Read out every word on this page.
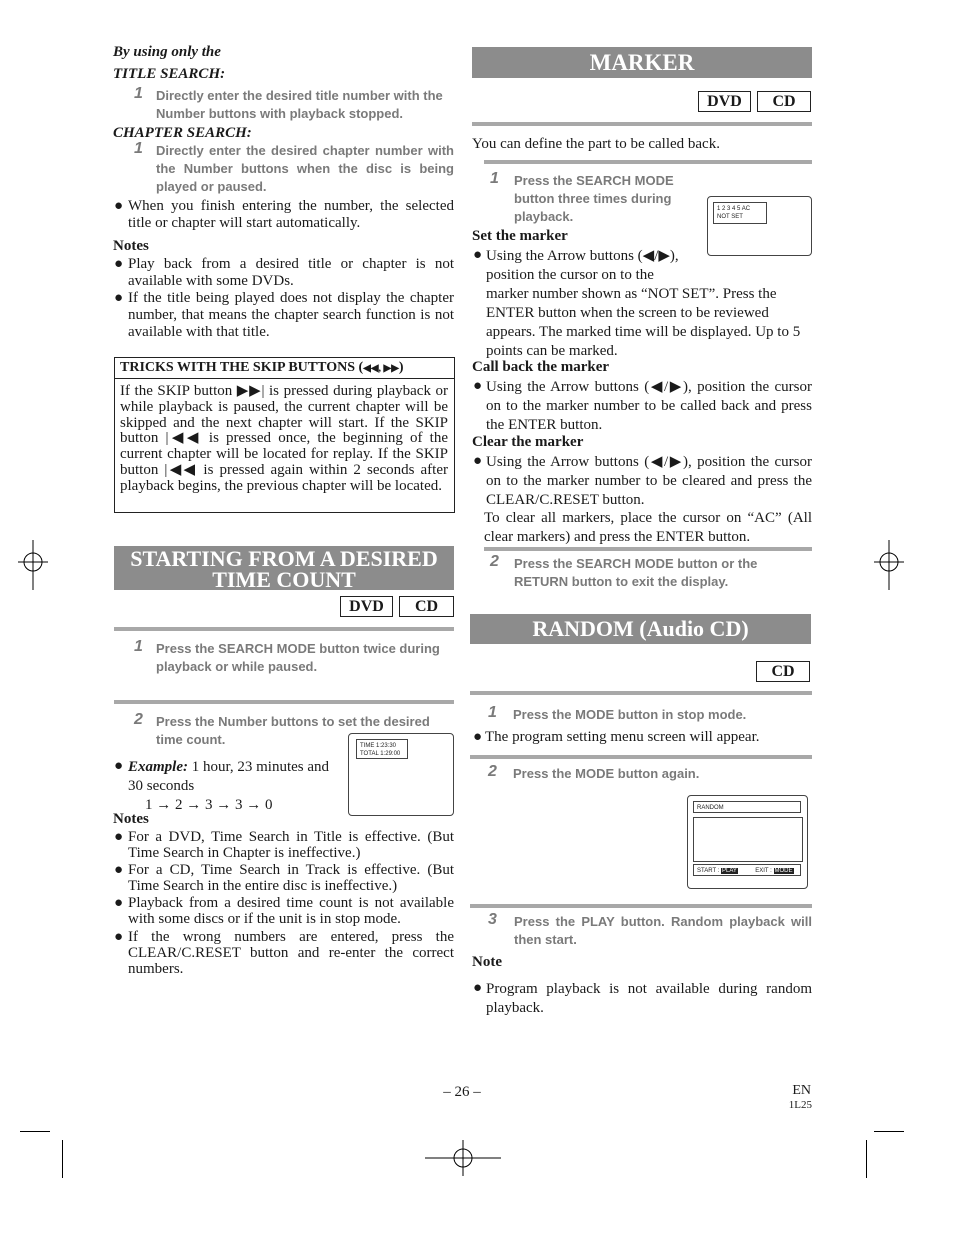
By using only the
TITLE SEARCH:
1 Directly enter the desired title number with the Number buttons with playback stopped.
CHAPTER SEARCH:
1 Directly enter the desired chapter number with the Number buttons when the disc is being played or paused.
● When you finish entering the number, the selected title or chapter will start automatically.
Notes
● Play back from a desired title or chapter is not available with some DVDs.
● If the title being played does not display the chapter number, that means the chapter search function is not available with that title.
TRICKS WITH THE SKIP BUTTONS (◀◀, ▶▶)
If the SKIP button ▶▶| is pressed during playback or while playback is paused, the current chapter will be skipped and the next chapter will start. If the SKIP button |◀◀ is pressed once, the beginning of the current chapter will be located for replay. If the SKIP button |◀◀ is pressed again within 2 seconds after playback begins, the previous chapter will be located.
STARTING FROM A DESIRED
TIME COUNT
DVD	CD
1 Press the SEARCH MODE button twice during playback or while paused.
2 Press the Number buttons to set the desired time count.	TIME 1:23:30
TOTAL 1:29:00
● Example: 1 hour, 23 minutes and 30 seconds
1 → 2 → 3 → 3 → 0
Notes
● For a DVD, Time Search in Title is effective. (But Time Search in Chapter is ineffective.)
● For a CD, Time Search in Track is effective. (But Time Search in the entire disc is ineffective.)
● Playback from a desired time count is not available with some discs or if the unit is in stop mode.
● If the wrong numbers are entered, press the CLEAR/C.RESET button and re-enter the correct numbers.
MARKER
DVD	CD
You can define the part to be called back.
1 Press the SEARCH MODE button three times during playback.	1 2 3 4 5 AC
NOT SET
Set the marker
● Using the Arrow buttons (◀/▶), position the cursor on to the
marker number shown as “NOT SET”. Press the ENTER button when the screen to be reviewed appears. The marked time will be displayed. Up to 5 points can be marked.
Call back the marker
● Using the Arrow buttons (◀/▶), position the cursor on to the marker number to be called back and press the ENTER button.
Clear the marker
● Using the Arrow buttons (◀/▶), position the cursor on to the marker number to be cleared and press the CLEAR/C.RESET button.
To clear all markers, place the cursor on “AC” (All clear markers) and press the ENTER button.
2 Press the SEARCH MODE button or the RETURN button to exit the display.
RANDOM (Audio CD)
CD
1 Press the MODE button in stop mode.
● The program setting menu screen will appear.
2 Press the MODE button again.
RANDOM
START : PLAY	EXIT : MODE
3 Press the PLAY button. Random playback will then start.
Note
● Program playback is not available during random playback.
– 26 –	EN
1L25
